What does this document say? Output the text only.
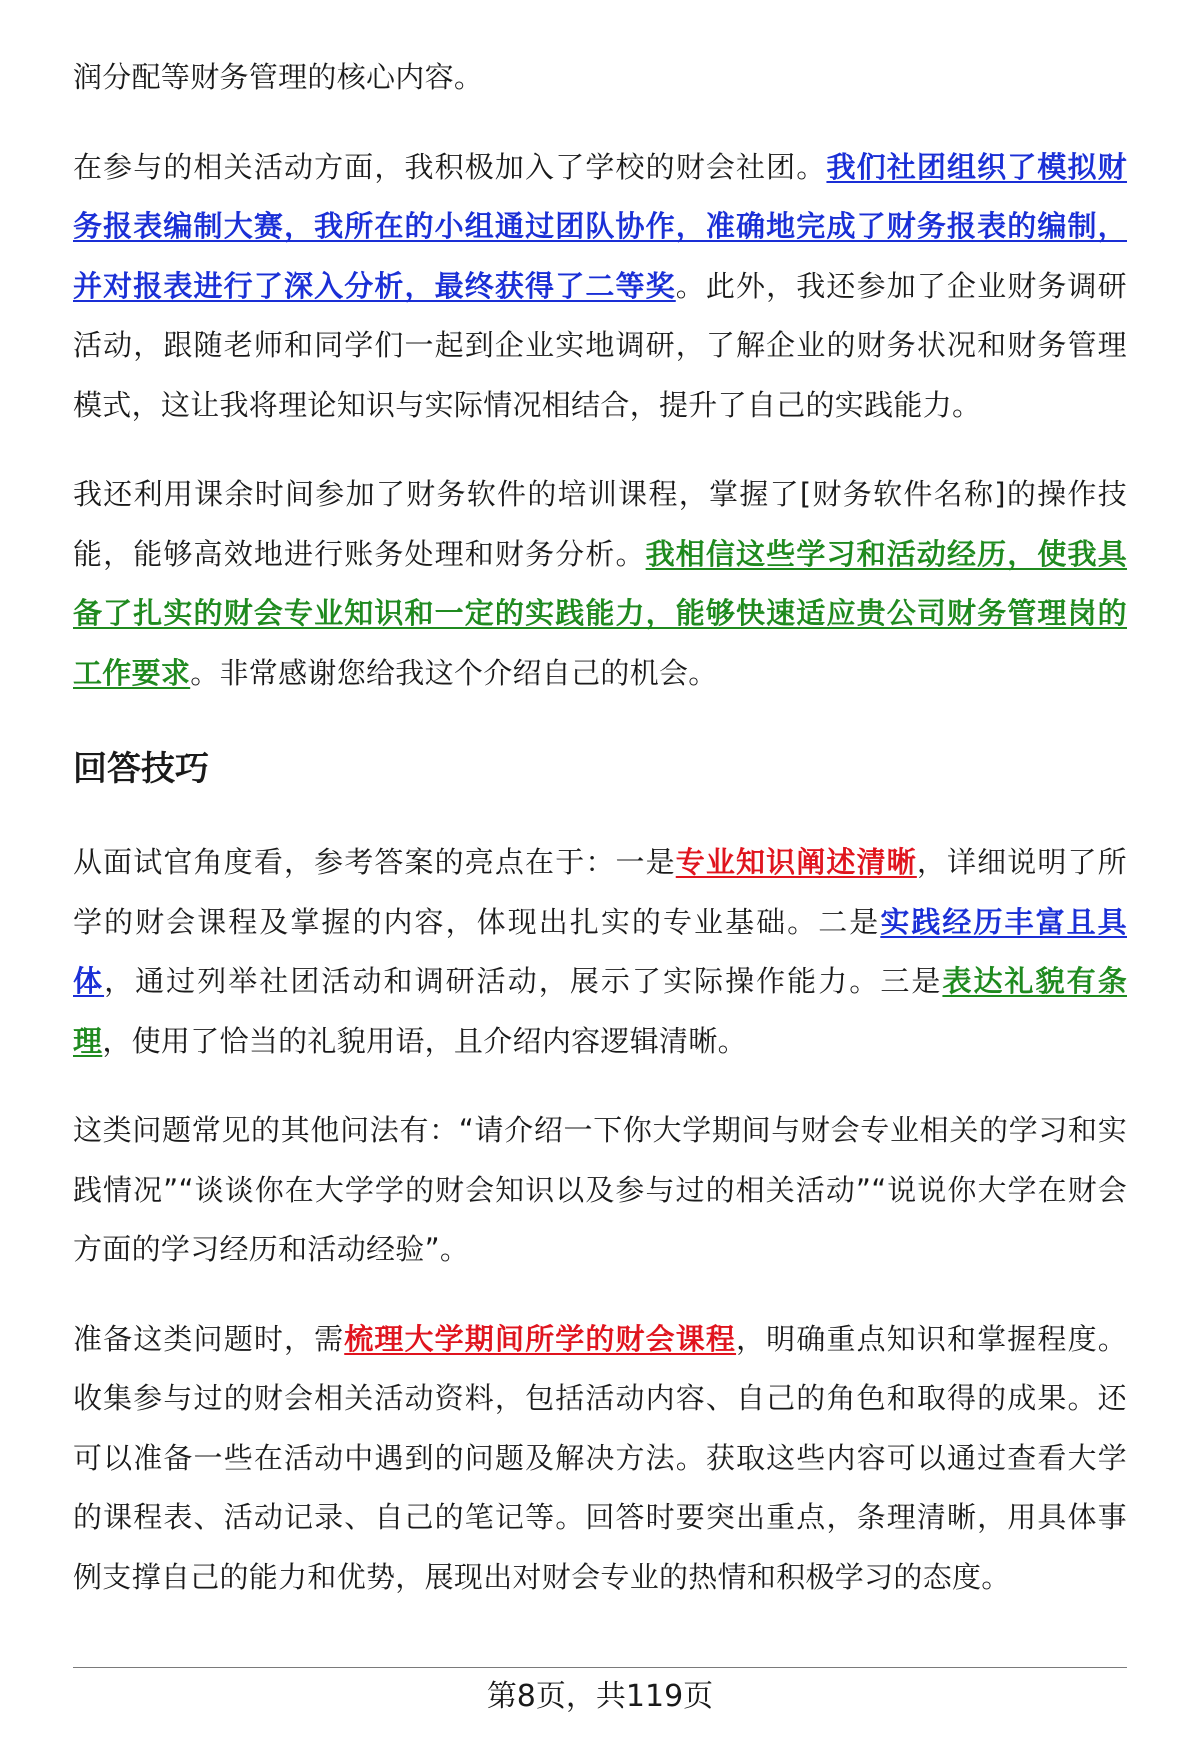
润分配等财务管理的核心内容。

在参与的相关活动方面，我积极加入了学校的财会社团。我们社团组织了模拟财务报表编制大赛，我所在的小组通过团队协作，准确地完成了财务报表的编制，并对报表进行了深入分析，最终获得了二等奖。此外，我还参加了企业财务调研活动，跟随老师和同学们一起到企业实地调研，了解企业的财务状况和财务管理模式，这让我将理论知识与实际情况相结合，提升了自己的实践能力。

我还利用课余时间参加了财务软件的培训课程，掌握了[财务软件名称]的操作技能，能够高效地进行账务处理和财务分析。我相信这些学习和活动经历，使我具备了扎实的财会专业知识和一定的实践能力，能够快速适应贵公司财务管理岗的工作要求。非常感谢您给我这个介绍自己的机会。

回答技巧

从面试官角度看，参考答案的亮点在于：一是专业知识阐述清晰，详细说明了所学的财会课程及掌握的内容，体现出扎实的专业基础。二是实践经历丰富且具体，通过列举社团活动和调研活动，展示了实际操作能力。三是表达礼貌有条理，使用了恰当的礼貌用语，且介绍内容逻辑清晰。

这类问题常见的其他问法有：“请介绍一下你大学期间与财会专业相关的学习和实践情况”“谈谈你在大学学的财会知识以及参与过的相关活动”“说说你大学在财会方面的学习经历和活动经验”。

准备这类问题时，需梳理大学期间所学的财会课程，明确重点知识和掌握程度。收集参与过的财会相关活动资料，包括活动内容、自己的角色和取得的成果。还可以准备一些在活动中遇到的问题及解决方法。获取这些内容可以通过查看大学的课程表、活动记录、自己的笔记等。回答时要突出重点，条理清晰，用具体事例支撑自己的能力和优势，展现出对财会专业的热情和积极学习的态度。

第8页，共119页
